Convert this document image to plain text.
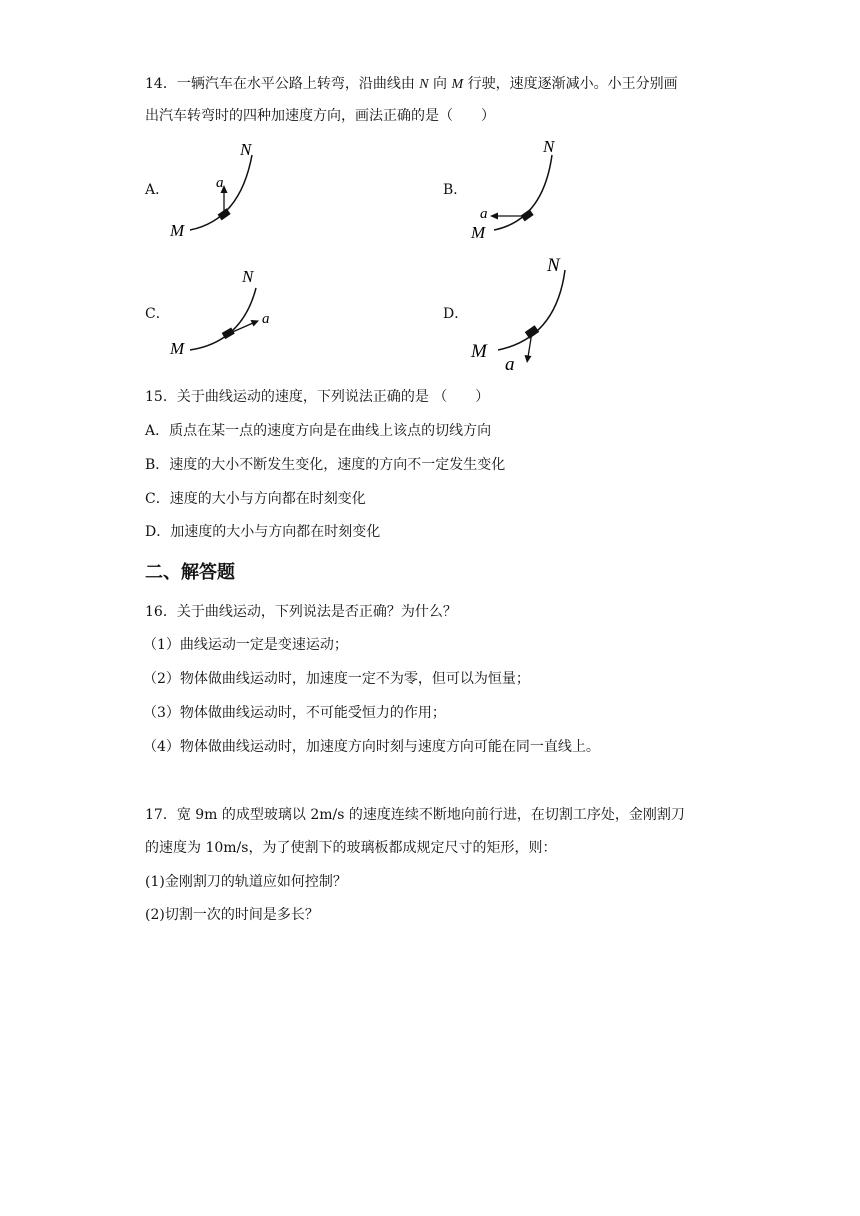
14．一辆汽车在水平公路上转弯，沿曲线由 N 向 M 行驶，速度逐渐减小。小王分别画
出汽车转弯时的四种加速度方向，画法正确的是（　　）
A．	a
N
M
B．
a
N
M
C．	a
N
M
D．
a
N
M
15．关于曲线运动的速度，下列说法正确的是 （　　）
A．质点在某一点的速度方向是在曲线上该点的切线方向
B．速度的大小不断发生变化，速度的方向不一定发生变化
C．速度的大小与方向都在时刻变化
D．加速度的大小与方向都在时刻变化
二、解答题
16．关于曲线运动，下列说法是否正确？为什么？
（1）曲线运动一定是变速运动；
（2）物体做曲线运动时，加速度一定不为零，但可以为恒量；
（3）物体做曲线运动时，不可能受恒力的作用；
（4）物体做曲线运动时，加速度方向时刻与速度方向可能在同一直线上。
17．宽 9m 的成型玻璃以 2m/s 的速度连续不断地向前行进，在切割工序处，金刚割刀
的速度为 10m/s，为了使割下的玻璃板都成规定尺寸的矩形，则：
(1)金刚割刀的轨道应如何控制？
(2)切割一次的时间是多长？
